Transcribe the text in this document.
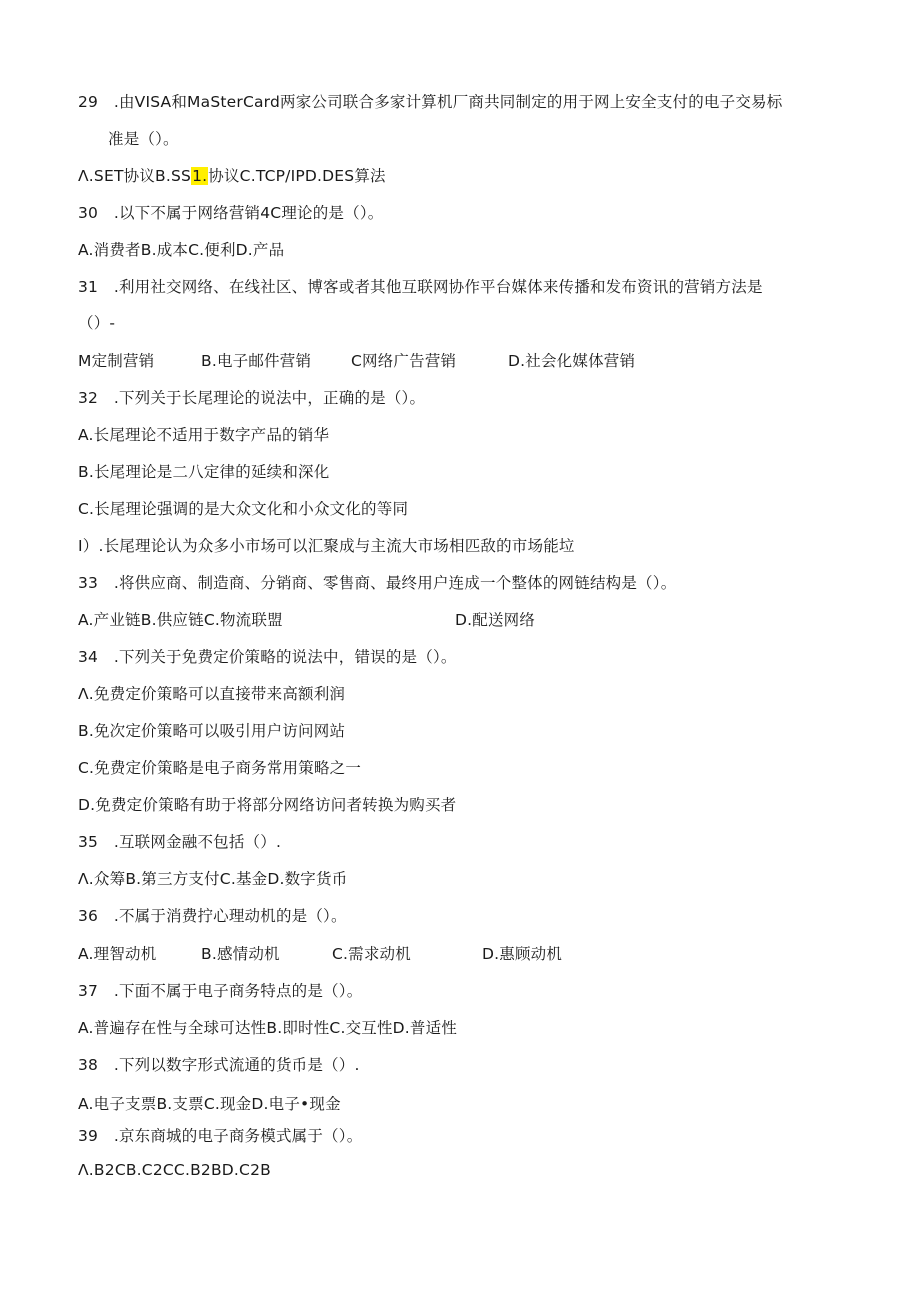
29　.由VISA和MaSterCard两家公司联合多家计算机厂商共同制定的用于网上安全支付的电子交易标
准是（）。
Λ.SET协议B.SS1.协议C.TCP/IPD.DES算法
30　.以下不属于网络营销4C理论的是（）。
A.消费者B.成本C.便利D.产品
31　.利用社交网络、在线社区、博客或者其他互联网协作平台媒体来传播和发布资讯的营销方法是
（）-
M定制营销	B.电子邮件营销	C网络广告营销	D.社会化媒体营销
32　.下列关于长尾理论的说法中，正确的是（）。
A.长尾理论不适用于数字产品的销华
B.长尾理论是二八定律的延续和深化
C.长尾理论强调的是大众文化和小众文化的等同
I）.长尾理论认为众多小市场可以汇聚成与主流大市场相匹敌的市场能垃
33　.将供应商、制造商、分销商、零售商、最终用户连成一个整体的网链结构是（）。
A.产业链B.供应链C.物流联盟	D.配送网络
34　.下列关于免费定价策略的说法中，错误的是（）。
Λ.免费定价策略可以直接带来高额利润
B.免次定价策略可以吸引用户访问网站
C.免费定价策略是电子商务常用策略之一
D.免费定价策略有助于将部分网络访问者转换为购买者
35　.互联网金融不包括（）.
Λ.众筹B.第三方支付C.基金D.数字货币
36　.不属于消费拧心理动机的是（）。
A.理智动机	B.感情动机	C.需求动机	D.惠顾动机
37　.下面不属于电子商务特点的是（）。
A.普遍存在性与全球可达性B.即时性C.交互性D.普适性
38　.下列以数字形式流通的货币是（）.
A.电子支票B.支票C.现金D.电子•现金
39　.京东商城的电子商务模式属于（）。
Λ.B2CB.C2CC.B2BD.C2B
